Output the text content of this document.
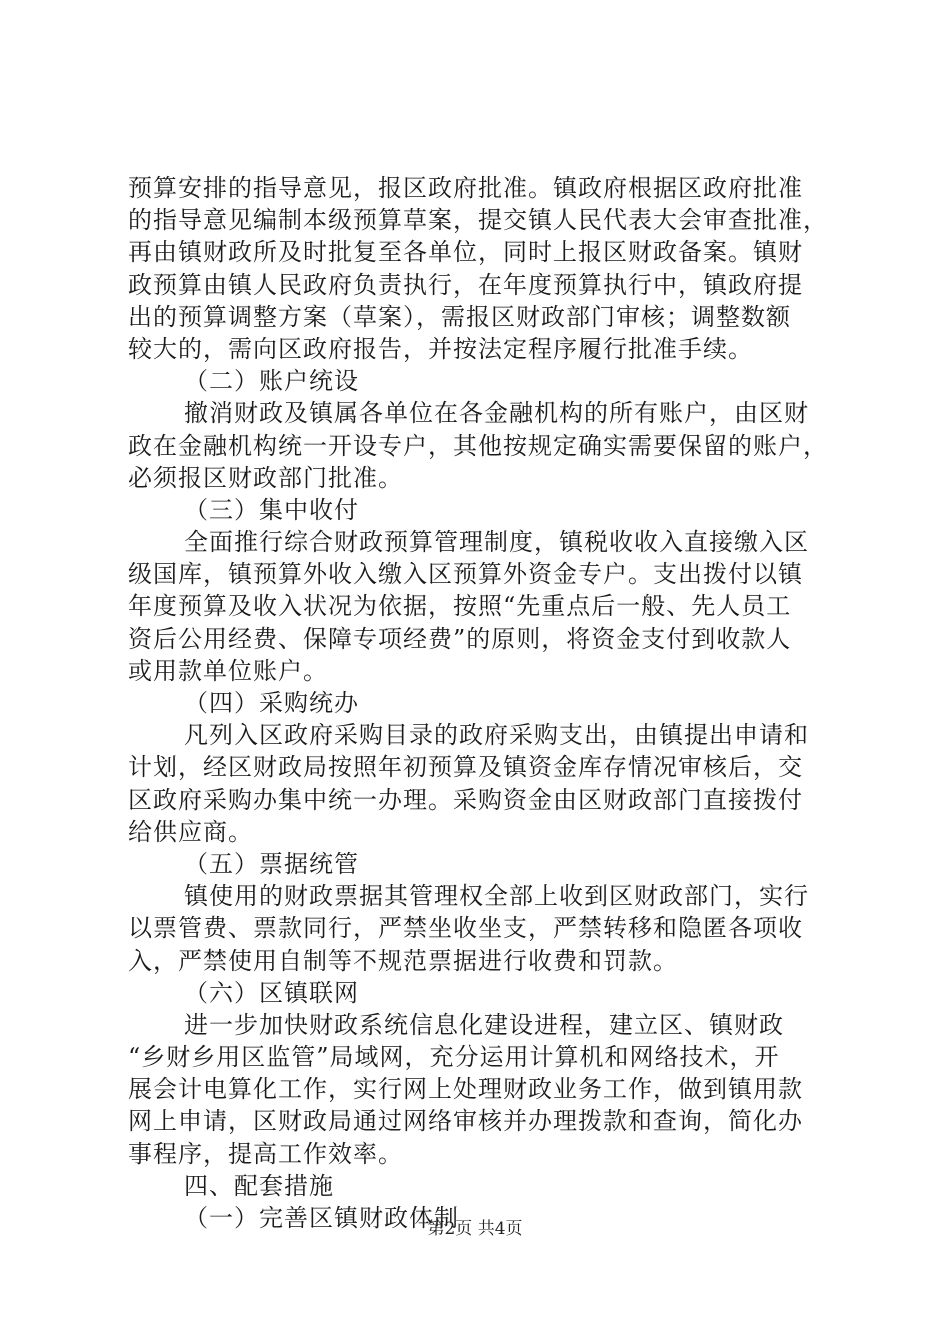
预算安排的指导意见，报区政府批准。镇政府根据区政府批准
的指导意见编制本级预算草案，提交镇人民代表大会审查批准，
再由镇财政所及时批复至各单位，同时上报区财政备案。镇财
政预算由镇人民政府负责执行，在年度预算执行中，镇政府提
出的预算调整方案（草案），需报区财政部门审核；调整数额
较大的，需向区政府报告，并按法定程序履行批准手续。
（二）账户统设
撤消财政及镇属各单位在各金融机构的所有账户，由区财
政在金融机构统一开设专户，其他按规定确实需要保留的账户，
必须报区财政部门批准。
（三）集中收付
全面推行综合财政预算管理制度，镇税收收入直接缴入区
级国库，镇预算外收入缴入区预算外资金专户。支出拨付以镇
年度预算及收入状况为依据，按照“先重点后一般、先人员工
资后公用经费、保障专项经费”的原则，将资金支付到收款人
或用款单位账户。
（四）采购统办
凡列入区政府采购目录的政府采购支出，由镇提出申请和
计划，经区财政局按照年初预算及镇资金库存情况审核后，交
区政府采购办集中统一办理。采购资金由区财政部门直接拨付
给供应商。
（五）票据统管
镇使用的财政票据其管理权全部上收到区财政部门，实行
以票管费、票款同行，严禁坐收坐支，严禁转移和隐匿各项收
入，严禁使用自制等不规范票据进行收费和罚款。
（六）区镇联网
进一步加快财政系统信息化建设进程，建立区、镇财政
“乡财乡用区监管”局域网，充分运用计算机和网络技术，开
展会计电算化工作，实行网上处理财政业务工作，做到镇用款
网上申请，区财政局通过网络审核并办理拨款和查询，简化办
事程序，提高工作效率。
四、配套措施
（一）完善区镇财政体制
第2页 共4页
